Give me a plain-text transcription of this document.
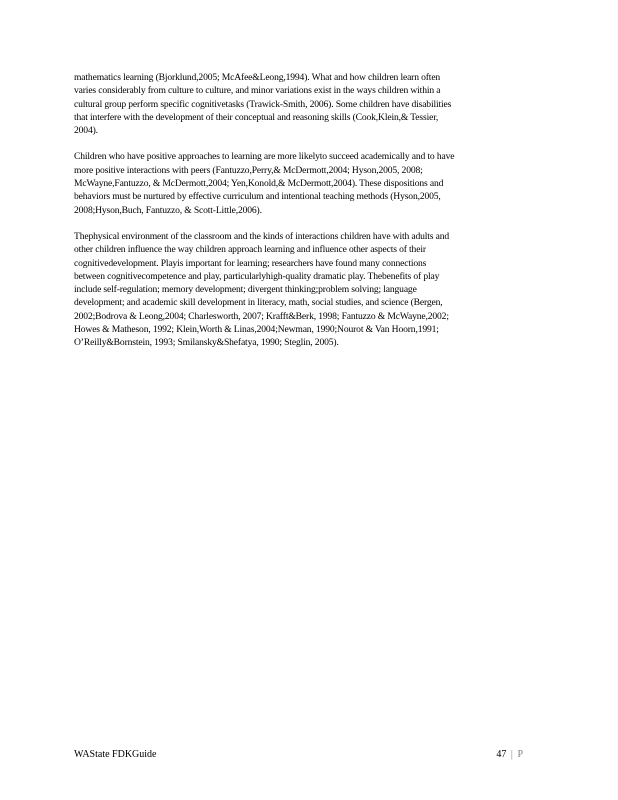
mathematics learning (Bjorklund,2005; McAfee&Leong,1994). What and how children learn often
varies considerably from culture to culture, and minor variations exist in the ways children within a
cultural group perform specific cognitivetasks (Trawick-Smith, 2006). Some children have disabilities
that interfere with the development of their conceptual and reasoning skills (Cook,Klein,& Tessier,
2004).

Children who have positive approaches to learning are more likelyto succeed academically and to have
more positive interactions with peers (Fantuzzo,Perry,& McDermott,2004; Hyson,2005, 2008;
McWayne,Fantuzzo, & McDermott,2004; Yen,Konold,& McDermott,2004). These dispositions and
behaviors must be nurtured by effective curriculum and intentional teaching methods (Hyson,2005,
2008;Hyson,Buch, Fantuzzo, & Scott-Little,2006).

Thephysical environment of the classroom and the kinds of interactions children have with adults and
other children influence the way children approach learning and influence other aspects of their
cognitivedevelopment. Playis important for learning; researchers have found many connections
between cognitivecompetence and play, particularlyhigh-quality dramatic play. Thebenefits of play
include self-regulation; memory development; divergent thinking;problem solving; language
development; and academic skill development in literacy, math, social studies, and science (Bergen,
2002;Bodrova & Leong,2004; Charlesworth, 2007; Krafft&Berk, 1998; Fantuzzo & McWayne,2002;
Howes & Matheson, 1992; Klein,Worth & Linas,2004;Newman, 1990;Nourot & Van Hoorn,1991;
O’Reilly&Bornstein, 1993; Smilansky&Shefatya, 1990; Steglin, 2005).

WAState FDKGuide	47 | P
